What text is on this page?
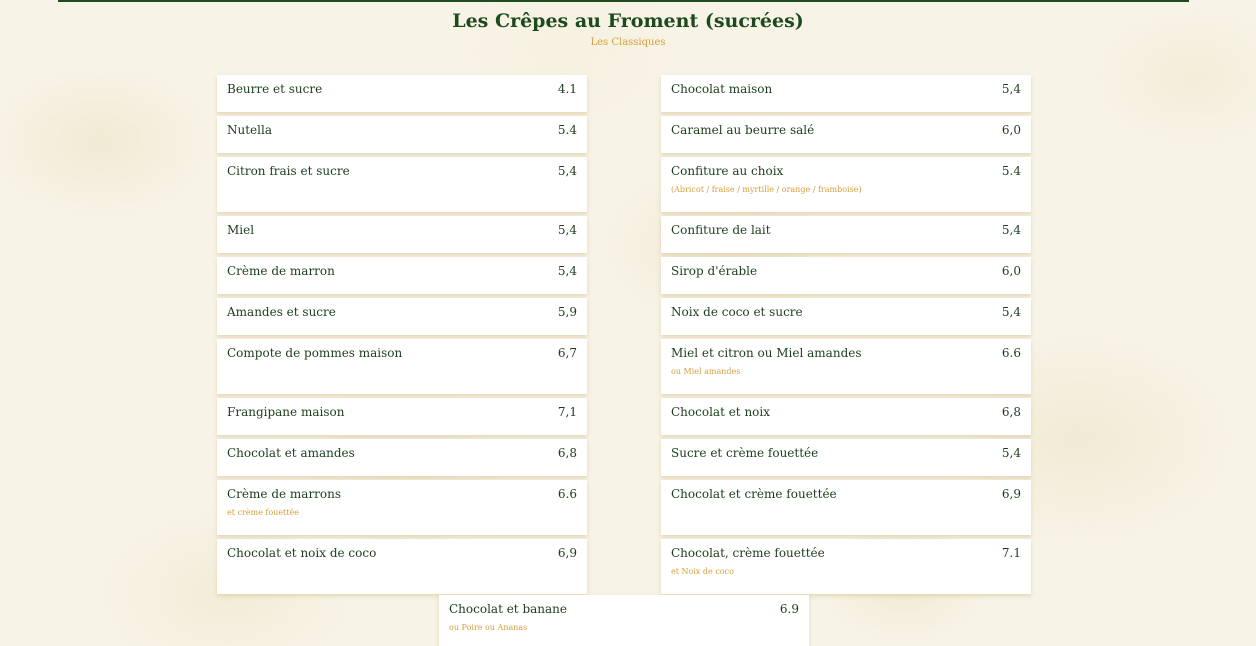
Les Crêpes au Froment (sucrées)
Les Classiques
Beurre et sucre	4.1
Nutella	5.4
Citron frais et sucre	5,4
Miel	5,4
Crème de marron	5,4
Amandes et sucre	5,9
Compote de pommes maison	6,7
Frangipane maison	7,1
Chocolat et amandes	6,8
Crème de marrons	6.6
et crème fouettée
Chocolat et noix de coco	6,9
Chocolat maison	5,4
Caramel au beurre salé	6,0
Confiture au choix	5.4
(Abricot / fraise / myrtille / orange / framboise)
Confiture de lait	5,4
Sirop d'érable	6,0
Noix de coco et sucre	5,4
Miel et citron ou Miel amandes	6.6
ou Miel amandes
Chocolat et noix	6,8
Sucre et crème fouettée	5,4
Chocolat et crème fouettée	6,9
Chocolat, crème fouettée	7.1
et Noix de coco
Chocolat et banane	6.9
ou Poire ou Ananas
